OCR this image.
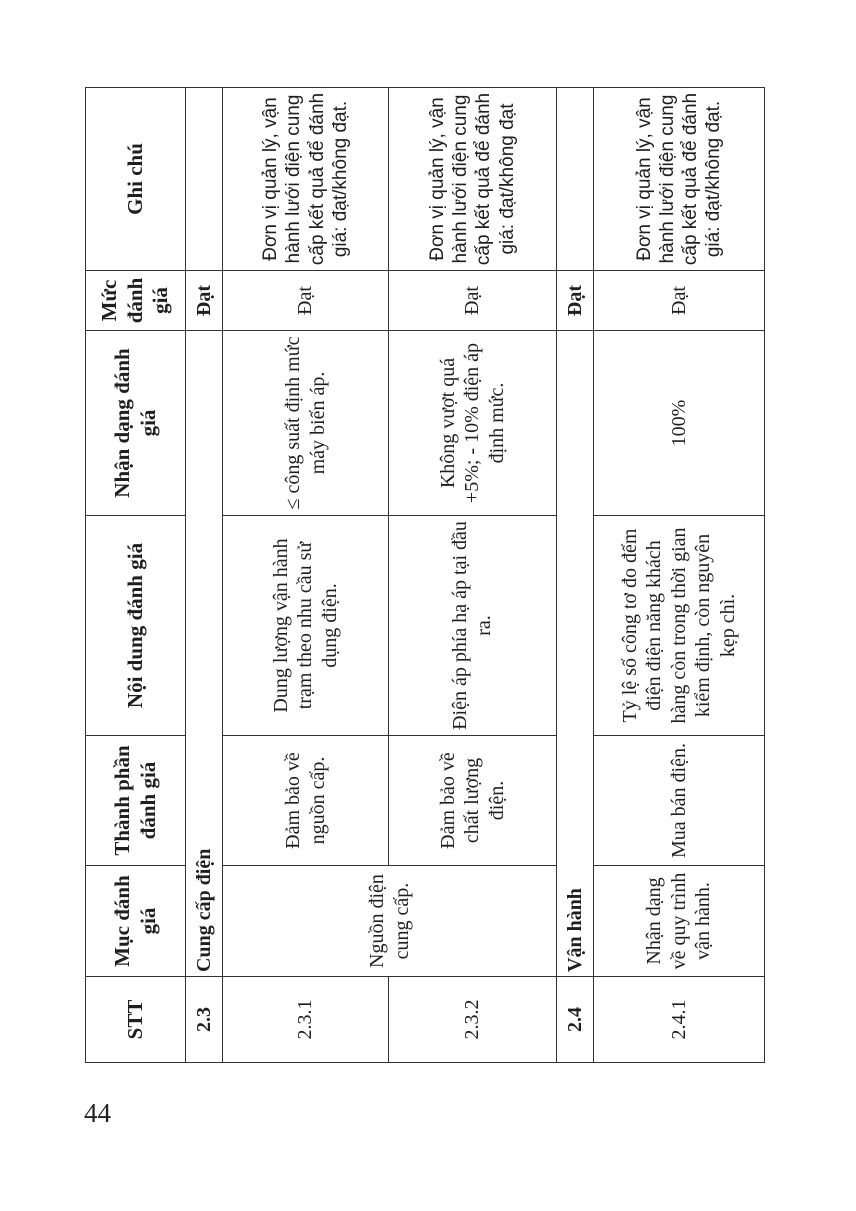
44
STT	Mục đánh giá	Thành phần đánh giá	Nội dung đánh giá	Nhận dạng đánh giá	Mức đánh giá	Ghi chú
2.3	Cung cấp điện				Đạt	
2.3.1	Nguồn điện cung cấp.	Đảm bảo về nguồn cấp.	Dung lượng vận hành trạm theo nhu cầu sử dụng điện.	≤ công suất định mức máy biến áp.	Đạt	Đơn vị quản lý, vận hành lưới điện cung cấp kết quả để đánh giá: đạt/không đạt.
2.3.2		Đảm bảo về chất lượng điện.	Điện áp phía hạ áp tại đầu ra.	Không vượt quá +5%; - 10% điện áp định mức.	Đạt	Đơn vị quản lý, vận hành lưới điện cung cấp kết quả để đánh giá: đạt/không đạt
2.4	Vận hành				Đạt	
2.4.1	Nhận dạng về quy trình vận hành.	Mua bán điện.	Tỷ lệ số công tơ đo đếm điện điện năng khách hàng còn trong thời gian kiểm định, còn nguyên kẹp chì.	100%	Đạt	Đơn vị quản lý, vận hành lưới điện cung cấp kết quả để đánh giá: đạt/không đạt.
